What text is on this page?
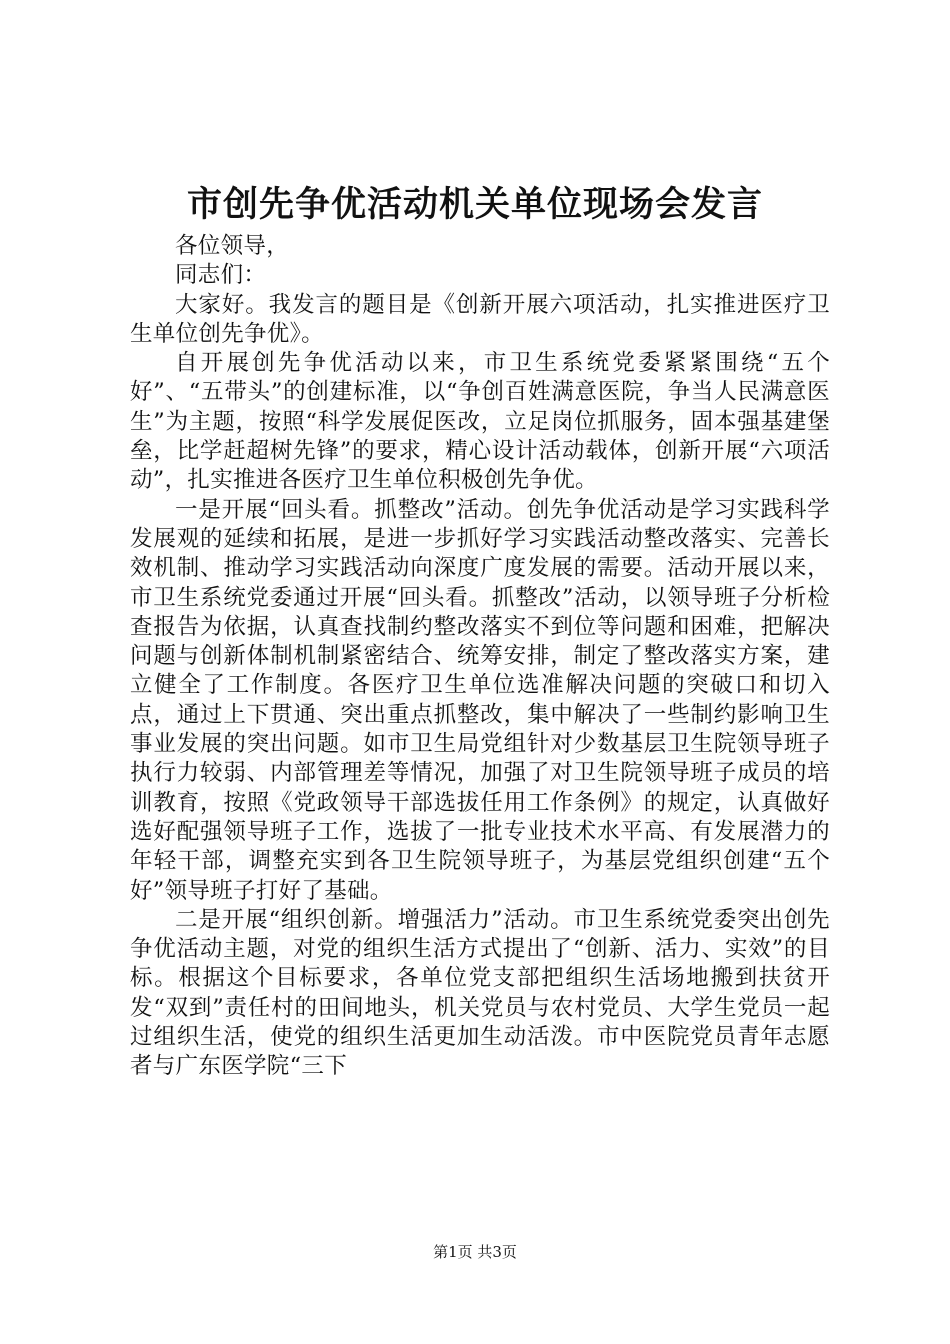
市创先争优活动机关单位现场会发言

各位领导，

同志们：

大家好。我发言的题目是《创新开展六项活动，扎实推进医疗卫生单位创先争优》。

自开展创先争优活动以来，市卫生系统党委紧紧围绕“五个好”、“五带头”的创建标准，以“争创百姓满意医院，争当人民满意医生”为主题，按照“科学发展促医改，立足岗位抓服务，固本强基建堡垒，比学赶超树先锋”的要求，精心设计活动载体，创新开展“六项活动”，扎实推进各医疗卫生单位积极创先争优。

一是开展“回头看。抓整改”活动。创先争优活动是学习实践科学发展观的延续和拓展，是进一步抓好学习实践活动整改落实、完善长效机制、推动学习实践活动向深度广度发展的需要。活动开展以来，市卫生系统党委通过开展“回头看。抓整改”活动，以领导班子分析检查报告为依据，认真查找制约整改落实不到位等问题和困难，把解决问题与创新体制机制紧密结合、统筹安排，制定了整改落实方案，建立健全了工作制度。各医疗卫生单位选准解决问题的突破口和切入点，通过上下贯通、突出重点抓整改，集中解决了一些制约影响卫生事业发展的突出问题。如市卫生局党组针对少数基层卫生院领导班子执行力较弱、内部管理差等情况，加强了对卫生院领导班子成员的培训教育，按照《党政领导干部选拔任用工作条例》的规定，认真做好选好配强领导班子工作，选拔了一批专业技术水平高、有发展潜力的年轻干部，调整充实到各卫生院领导班子，为基层党组织创建“五个好”领导班子打好了基础。

二是开展“组织创新。增强活力”活动。市卫生系统党委突出创先争优活动主题，对党的组织生活方式提出了“创新、活力、实效”的目标。根据这个目标要求，各单位党支部把组织生活场地搬到扶贫开发“双到”责任村的田间地头，机关党员与农村党员、大学生党员一起过组织生活，使党的组织生活更加生动活泼。市中医院党员青年志愿者与广东医学院“三下

第1页 共3页
